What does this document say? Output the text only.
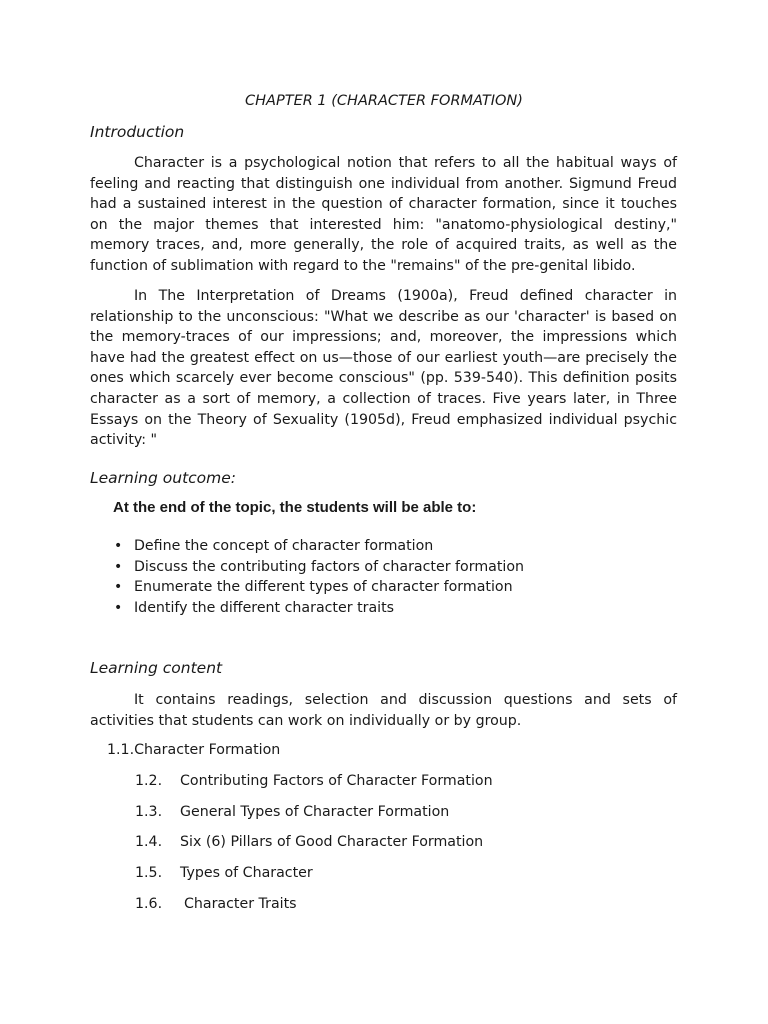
CHAPTER 1 (CHARACTER FORMATION)
Introduction

Character is a psychological notion that refers to all the habitual ways of feeling and reacting that distinguish one individual from another. Sigmund Freud had a sustained interest in the question of character formation, since it touches on the major themes that interested him: "anatomo-physiological destiny," memory traces, and, more generally, the role of acquired traits, as well as the function of sublimation with regard to the "remains" of the pre-genital libido.

In The Interpretation of Dreams (1900a), Freud defined character in relationship to the unconscious: "What we describe as our 'character' is based on the memory-traces of our impressions; and, moreover, the impressions which have had the greatest effect on us—those of our earliest youth—are precisely the ones which scarcely ever become conscious" (pp. 539-540). This definition posits character as a sort of memory, a collection of traces. Five years later, in Three Essays on the Theory of Sexuality (1905d), Freud emphasized individual psychic activity: "

Learning outcome:
At the end of the topic, the students will be able to:
• Define the concept of character formation
• Discuss the contributing factors of character formation
• Enumerate the different types of character formation
• Identify the different character traits
Learning content

It contains readings, selection and discussion questions and sets of activities that students can work on individually or by group.

1.1.Character Formation
1.2. Contributing Factors of Character Formation
1.3. General Types of Character Formation
1.4. Six (6) Pillars of Good Character Formation
1.5. Types of Character
1.6. Character Traits
